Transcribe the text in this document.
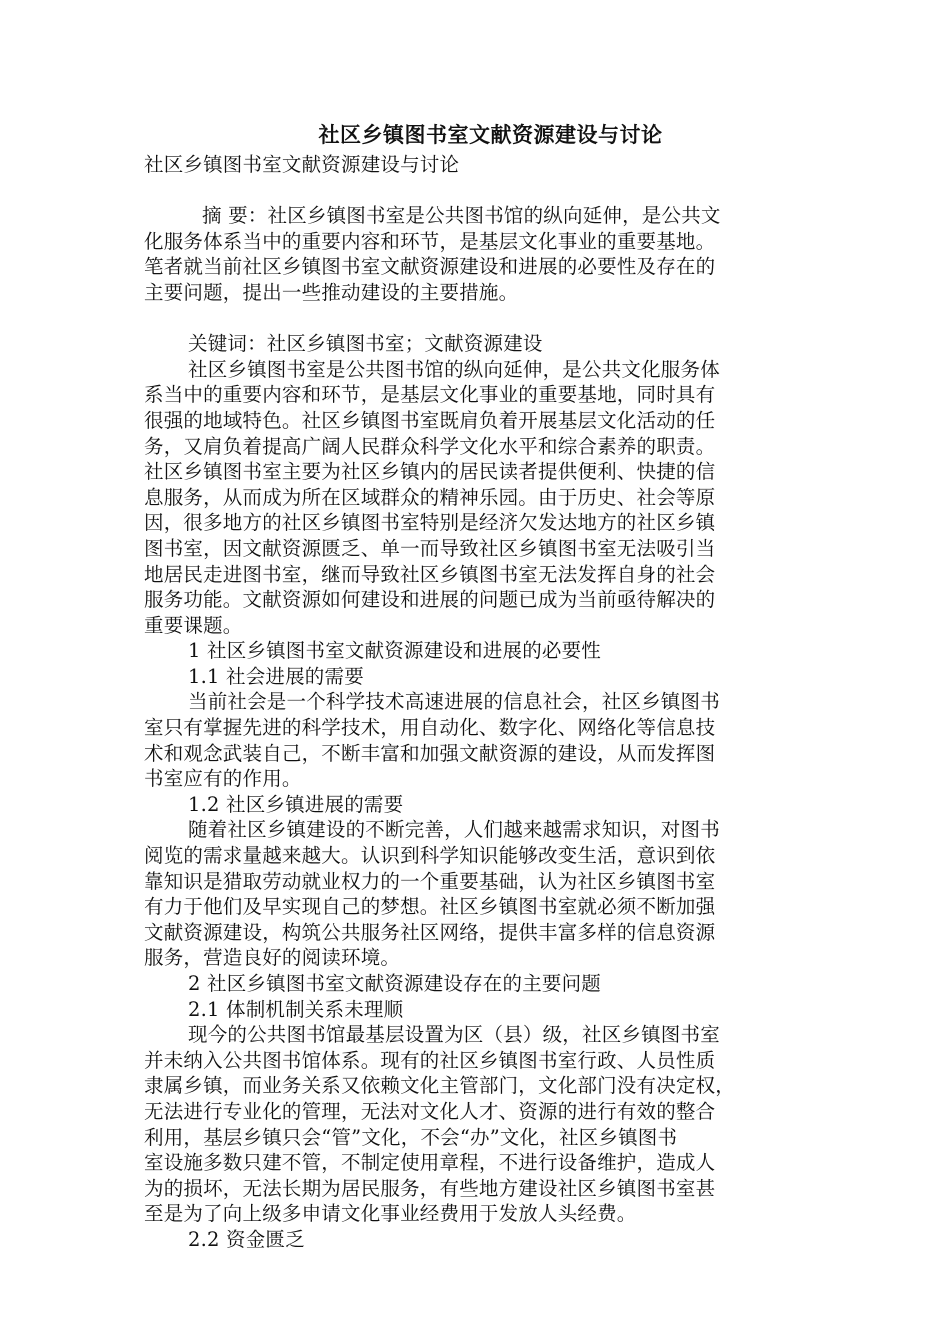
社区乡镇图书室文献资源建设与讨论

社区乡镇图书室文献资源建设与讨论

摘 要：社区乡镇图书室是公共图书馆的纵向延伸，是公共文

化服务体系当中的重要内容和环节，是基层文化事业的重要基地。

笔者就当前社区乡镇图书室文献资源建设和进展的必要性及存在的

主要问题，提出一些推动建设的主要措施。

关键词：社区乡镇图书室；文献资源建设

社区乡镇图书室是公共图书馆的纵向延伸，是公共文化服务体

系当中的重要内容和环节，是基层文化事业的重要基地，同时具有

很强的地域特色。社区乡镇图书室既肩负着开展基层文化活动的任

务，又肩负着提高广阔人民群众科学文化水平和综合素养的职责。

社区乡镇图书室主要为社区乡镇内的居民读者提供便利、快捷的信

息服务，从而成为所在区域群众的精神乐园。由于历史、社会等原

因，很多地方的社区乡镇图书室特别是经济欠发达地方的社区乡镇

图书室，因文献资源匮乏、单一而导致社区乡镇图书室无法吸引当

地居民走进图书室，继而导致社区乡镇图书室无法发挥自身的社会

服务功能。文献资源如何建设和进展的问题已成为当前亟待解决的

重要课题。

1 社区乡镇图书室文献资源建设和进展的必要性

1.1 社会进展的需要

当前社会是一个科学技术高速进展的信息社会，社区乡镇图书

室只有掌握先进的科学技术，用自动化、数字化、网络化等信息技

术和观念武装自己，不断丰富和加强文献资源的建设，从而发挥图

书室应有的作用。

1.2 社区乡镇进展的需要

随着社区乡镇建设的不断完善，人们越来越需求知识，对图书

阅览的需求量越来越大。认识到科学知识能够改变生活，意识到依

靠知识是猎取劳动就业权力的一个重要基础，认为社区乡镇图书室

有力于他们及早实现自己的梦想。社区乡镇图书室就必须不断加强

文献资源建设，构筑公共服务社区网络，提供丰富多样的信息资源

服务，营造良好的阅读环境。

2 社区乡镇图书室文献资源建设存在的主要问题

2.1 体制机制关系未理顺

现今的公共图书馆最基层设置为区（县）级，社区乡镇图书室

并未纳入公共图书馆体系。现有的社区乡镇图书室行政、人员性质

隶属乡镇，而业务关系又依赖文化主管部门，文化部门没有决定权，

无法进行专业化的管理，无法对文化人才、资源的进行有效的整合

利用，基层乡镇只会“管”文化，不会“办”文化，社区乡镇图书

室设施多数只建不管，不制定使用章程，不进行设备维护，造成人

为的损坏，无法长期为居民服务，有些地方建设社区乡镇图书室甚

至是为了向上级多申请文化事业经费用于发放人头经费。

2.2 资金匮乏
